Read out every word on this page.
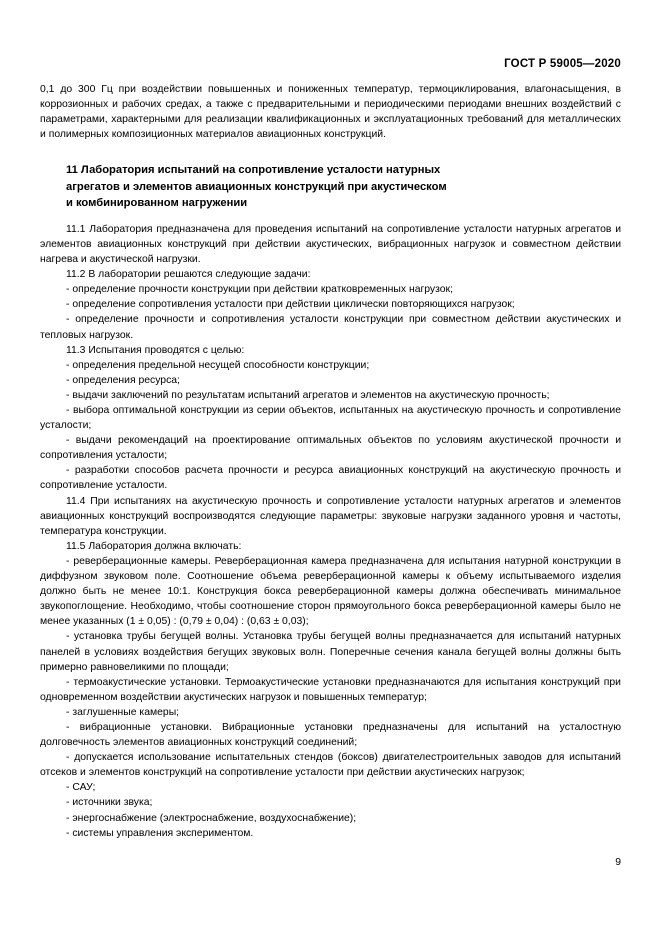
ГОСТ Р 59005—2020

0,1 до 300 Гц при воздействии повышенных и пониженных температур, термоциклирования, влагонасыщения, в коррозионных и рабочих средах, а также с предварительными и периодическими периодами внешних воздействий с параметрами, характерными для реализации квалификационных и эксплуатационных требований для металлических и полимерных композиционных материалов авиационных конструкций.

11 Лаборатория испытаний на сопротивление усталости натурных
агрегатов и элементов авиационных конструкций при акустическом
и комбинированном нагружении

11.1 Лаборатория предназначена для проведения испытаний на сопротивление усталости натурных агрегатов и элементов авиационных конструкций при действии акустических, вибрационных нагрузок и совместном действии нагрева и акустической нагрузки.

11.2 В лаборатории решаются следующие задачи:

- определение прочности конструкции при действии кратковременных нагрузок;

- определение сопротивления усталости при действии циклически повторяющихся нагрузок;

- определение прочности и сопротивления усталости конструкции при совместном действии акустических и тепловых нагрузок.

11.3 Испытания проводятся с целью:

- определения предельной несущей способности конструкции;

- определения ресурса;

- выдачи заключений по результатам испытаний агрегатов и элементов на акустическую прочность;

- выбора оптимальной конструкции из серии объектов, испытанных на акустическую прочность и сопротивление усталости;

- выдачи рекомендаций на проектирование оптимальных объектов по условиям акустической прочности и сопротивления усталости;

- разработки способов расчета прочности и ресурса авиационных конструкций на акустическую прочность и сопротивление усталости.

11.4 При испытаниях на акустическую прочность и сопротивление усталости натурных агрегатов и элементов авиационных конструкций воспроизводятся следующие параметры: звуковые нагрузки заданного уровня и частоты, температура конструкции.

11.5 Лаборатория должна включать:

- реверберационные камеры. Реверберационная камера предназначена для испытания натурной конструкции в диффузном звуковом поле. Соотношение объема реверберационной камеры к объему испытываемого изделия должно быть не менее 10:1. Конструкция бокса реверберационной камеры должна обеспечивать минимальное звукопоглощение. Необходимо, чтобы соотношение сторон прямоугольного бокса реверберационной камеры было не менее указанных (1 ± 0,05) : (0,79 ± 0,04) : (0,63 ± 0,03);

- установка трубы бегущей волны. Установка трубы бегущей волны предназначается для испытаний натурных панелей в условиях воздействия бегущих звуковых волн. Поперечные сечения канала бегущей волны должны быть примерно равновеликими по площади;

- термоакустические установки. Термоакустические установки предназначаются для испытания конструкций при одновременном воздействии акустических нагрузок и повышенных температур;

- заглушенные камеры;

- вибрационные установки. Вибрационные установки предназначены для испытаний на усталостную долговечность элементов авиационных конструкций соединений;

- допускается использование испытательных стендов (боксов) двигателестроительных заводов для испытаний отсеков и элементов конструкций на сопротивление усталости при действии акустических нагрузок;

- САУ;

- источники звука;

- энергоснабжение (электроснабжение, воздухоснабжение);

- системы управления экспериментом.

9
